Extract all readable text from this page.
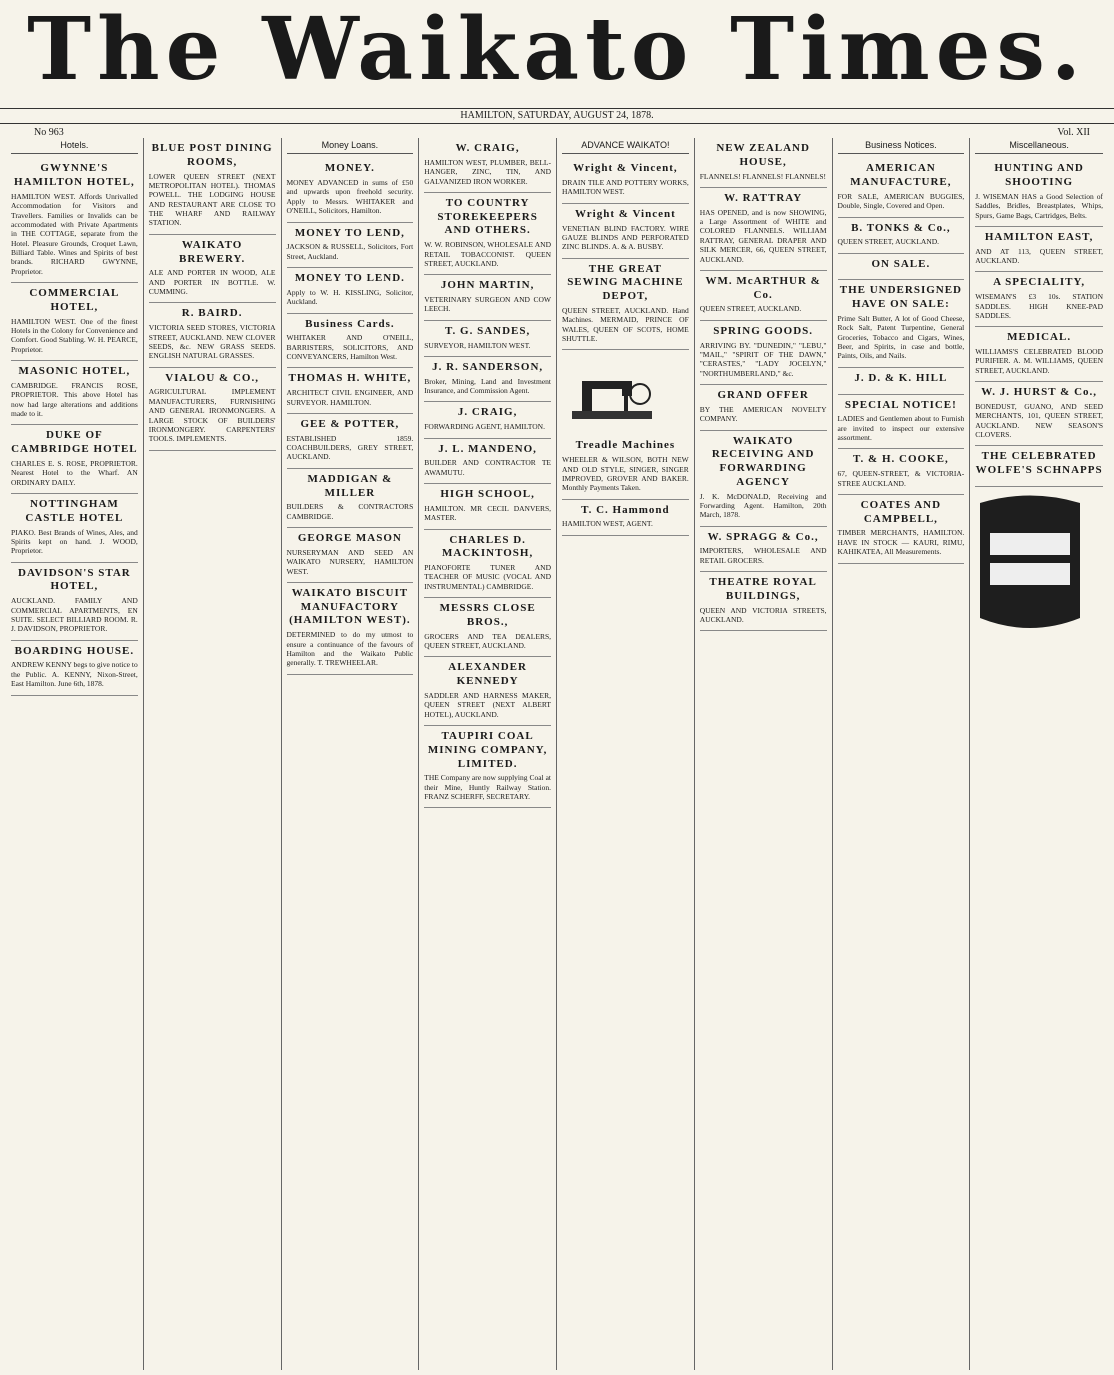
The Waikato Times.
HAMILTON, SATURDAY, AUGUST 24, 1878.
No 963	Vol. XII
Hotels.
GWYNNE'S HAMILTON HOTEL,
HAMILTON WEST. Affords Unrivalled Accommodation for Visitors and Travellers. Families or Invalids can be accommodated with Private Apartments in THE COTTAGE, separate from the Hotel. Pleasure Grounds, Croquet Lawn, Billiard Table. Wines and Spirits of best brands. RICHARD GWYNNE, Proprietor.
COMMERCIAL HOTEL,
HAMILTON WEST. One of the finest Hotels in the Colony for Convenience and Comfort. Good Stabling. W. H. PEARCE, Proprietor.
MASONIC HOTEL,
CAMBRIDGE. FRANCIS ROSE, PROPRIETOR. This above Hotel has now had large alterations and additions made to it.
DUKE OF CAMBRIDGE HOTEL
CHARLES E. S. ROSE, PROPRIETOR. Nearest Hotel to the Wharf. AN ORDINARY DAILY.
NOTTINGHAM CASTLE HOTEL
PIAKO. Best Brands of Wines, Ales, and Spirits kept on hand. J. WOOD, Proprietor.
DAVIDSON'S STAR HOTEL,
AUCKLAND. FAMILY AND COMMERCIAL APARTMENTS, EN SUITE. SELECT BILLIARD ROOM. R. J. DAVIDSON, PROPRIETOR.
BOARDING HOUSE.
ANDREW KENNY begs to give notice to the Public. A. KENNY, Nixon-Street, East Hamilton. June 6th, 1878.
BLUE POST DINING ROOMS,
LOWER QUEEN STREET (NEXT METROPOLITAN HOTEL). THOMAS POWELL. THE LODGING HOUSE AND RESTAURANT ARE CLOSE TO THE WHARF AND RAILWAY STATION.
WAIKATO BREWERY.
ALE AND PORTER IN WOOD, ALE AND PORTER IN BOTTLE. W. CUMMING.
R. BAIRD.
VICTORIA SEED STORES, VICTORIA STREET, AUCKLAND. NEW CLOVER SEEDS, &c. NEW GRASS SEEDS. ENGLISH NATURAL GRASSES.
VIALOU & CO.,
AGRICULTURAL IMPLEMENT MANUFACTURERS, FURNISHING AND GENERAL IRONMONGERS. A LARGE STOCK OF BUILDERS' IRONMONGERY. CARPENTERS' TOOLS. IMPLEMENTS.
Money Loans.
MONEY.
MONEY ADVANCED in sums of £50 and upwards upon freehold security. Apply to Messrs. WHITAKER and O'NEILL, Solicitors, Hamilton.
MONEY TO LEND,
JACKSON & RUSSELL, Solicitors, Fort Street, Auckland.
MONEY TO LEND.
Apply to W. H. KISSLING, Solicitor, Auckland.
Business Cards.
WHITAKER AND O'NEILL, BARRISTERS, SOLICITORS, AND CONVEYANCERS, Hamilton West.
THOMAS H. WHITE,
ARCHITECT CIVIL ENGINEER, AND SURVEYOR. HAMILTON.
GEE & POTTER,
ESTABLISHED 1859. COACHBUILDERS, GREY STREET, AUCKLAND.
MADDIGAN & MILLER
BUILDERS & CONTRACTORS CAMBRIDGE.
GEORGE MASON
NURSERYMAN AND SEED AN WAIKATO NURSERY, HAMILTON WEST.
WAIKATO BISCUIT MANUFACTORY (HAMILTON WEST).
DETERMINED to do my utmost to ensure a continuance of the favours of Hamilton and the Waikato Public generally. T. TREWHEELAR.
W. CRAIG,
HAMILTON WEST, PLUMBER, BELL-HANGER, ZINC, TIN, AND GALVANIZED IRON WORKER.
TO COUNTRY STOREKEEPERS AND OTHERS.
W. W. ROBINSON, WHOLESALE AND RETAIL TOBACCONIST. QUEEN STREET, AUCKLAND.
JOHN MARTIN,
VETERINARY SURGEON AND COW LEECH.
T. G. SANDES,
SURVEYOR, HAMILTON WEST.
J. R. SANDERSON,
Broker, Mining, Land and Investment Insurance, and Commission Agent.
J. CRAIG,
FORWARDING AGENT, HAMILTON.
J. L. MANDENO,
BUILDER AND CONTRACTOR TE AWAMUTU.
HIGH SCHOOL,
HAMILTON. MR CECIL DANVERS, MASTER.
CHARLES D. MACKINTOSH,
PIANOFORTE TUNER AND TEACHER OF MUSIC (VOCAL AND INSTRUMENTAL) CAMBRIDGE.
MESSRS CLOSE BROS.,
GROCERS AND TEA DEALERS, QUEEN STREET, AUCKLAND.
ALEXANDER KENNEDY
SADDLER AND HARNESS MAKER, QUEEN STREET (NEXT ALBERT HOTEL), AUCKLAND.
TAUPIRI COAL MINING COMPANY, LIMITED.
THE Company are now supplying Coal at their Mine, Huntly Railway Station. FRANZ SCHERFF, SECRETARY.
ADVANCE WAIKATO!
Wright & Vincent,
DRAIN TILE AND POTTERY WORKS, HAMILTON WEST.
Wright & Vincent
VENETIAN BLIND FACTORY. WIRE GAUZE BLINDS AND PERFORATED ZINC BLINDS. A. & A. BUSBY.
THE GREAT SEWING MACHINE DEPOT,
QUEEN STREET, AUCKLAND. Hand Machines. MERMAID, PRINCE OF WALES, QUEEN OF SCOTS, HOME SHUTTLE.
Treadle Machines
WHEELER & WILSON, BOTH NEW AND OLD STYLE, SINGER, SINGER IMPROVED, GROVER AND BAKER. Monthly Payments Taken.
T. C. Hammond
HAMILTON WEST, AGENT.
NEW ZEALAND HOUSE,
FLANNELS! FLANNELS! FLANNELS!
W. RATTRAY
HAS OPENED, and is now SHOWING, a Large Assortment of WHITE and COLORED FLANNELS. WILLIAM RATTRAY, GENERAL DRAPER AND SILK MERCER, 66, QUEEN STREET, AUCKLAND.
WM. McARTHUR & Co.
QUEEN STREET, AUCKLAND.
SPRING GOODS.
ARRIVING BY. "DUNEDIN," "LEBU," "MAIL," "SPIRIT OF THE DAWN," "CERASTES," "LADY JOCELYN," "NORTHUMBERLAND," &c.
GRAND OFFER
BY THE AMERICAN NOVELTY COMPANY.
WAIKATO RECEIVING AND FORWARDING AGENCY
J. K. McDONALD, Receiving and Forwarding Agent. Hamilton, 20th March, 1878.
W. SPRAGG & Co.,
IMPORTERS, WHOLESALE AND RETAIL GROCERS.
THEATRE ROYAL BUILDINGS,
QUEEN AND VICTORIA STREETS, AUCKLAND.
Business Notices.
AMERICAN MANUFACTURE,
FOR SALE, AMERICAN BUGGIES, Double, Single, Covered and Open.
B. TONKS & Co.,
QUEEN STREET, AUCKLAND.
ON SALE.
THE UNDERSIGNED HAVE ON SALE:
Prime Salt Butter, A lot of Good Cheese, Rock Salt, Patent Turpentine, General Groceries, Tobacco and Cigars, Wines, Beer, and Spirits, in case and bottle, Paints, Oils, and Nails.
J. D. & K. HILL
SPECIAL NOTICE!
LADIES and Gentlemen about to Furnish are invited to inspect our extensive assortment.
T. & H. COOKE,
67, QUEEN-STREET, & VICTORIA-STREE AUCKLAND.
COATES AND CAMPBELL,
TIMBER MERCHANTS, HAMILTON. HAVE IN STOCK — KAURI, RIMU, KAHIKATEA, All Measurements.
Miscellaneous.
HUNTING AND SHOOTING
J. WISEMAN HAS a Good Selection of Saddles, Bridles, Breastplates, Whips, Spurs, Game Bags, Cartridges, Belts.
HAMILTON EAST,
AND AT 113, QUEEN STREET, AUCKLAND.
A SPECIALITY,
WISEMAN'S £3 10s. STATION SADDLES. HIGH KNEE-PAD SADDLES.
MEDICAL.
WILLIAMS'S CELEBRATED BLOOD PURIFIER. A. M. WILLIAMS, QUEEN STREET, AUCKLAND.
W. J. HURST & Co.,
BONEDUST, GUANO, AND SEED MERCHANTS, 101, QUEEN STREET, AUCKLAND. NEW SEASON'S CLOVERS.
THE CELEBRATED WOLFE'S SCHNAPPS
